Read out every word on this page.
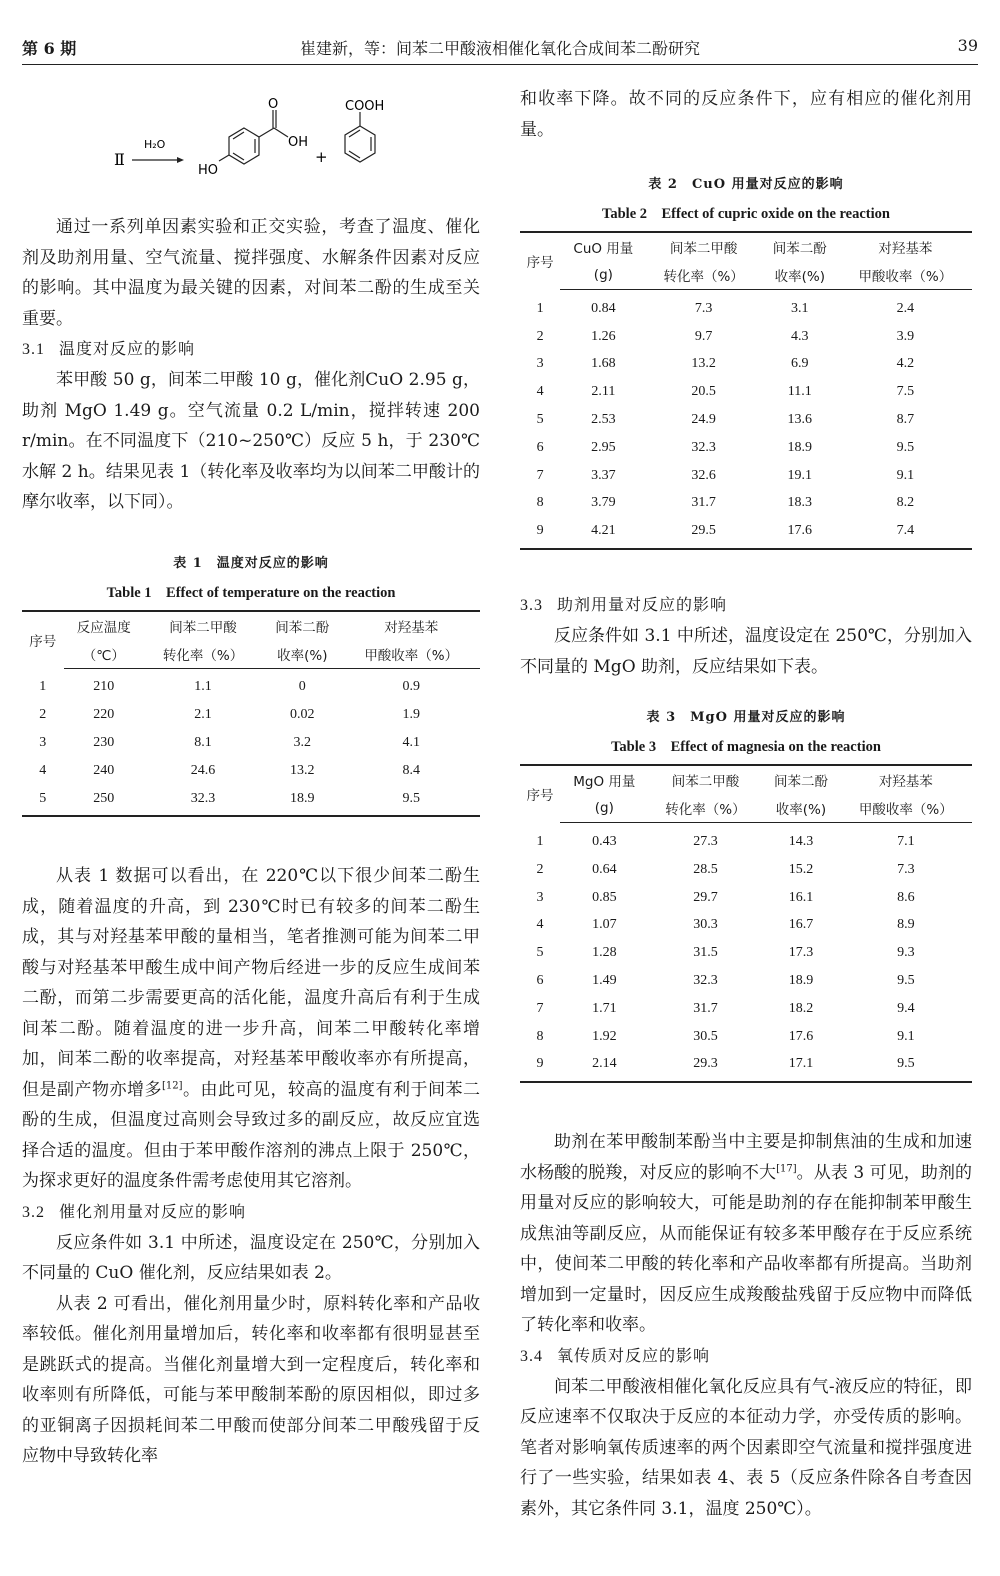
第 6 期	崔建新，等：间苯二甲酸液相催化氧化合成间苯二酚研究	39
Ⅱ
H₂O
O
OH
HO
+
COOH

通过一系列单因素实验和正交实验，考查了温度、催化剂及助剂用量、空气流量、搅拌强度、水解条件因素对反应的影响。其中温度为最关键的因素，对间苯二酚的生成至关重要。

3.1 温度对反应的影响

苯甲酸 50 g，间苯二甲酸 10 g，催化剂CuO 2.95 g，助剂 MgO 1.49 g。空气流量 0.2 L/min，搅拌转速 200 r/min。在不同温度下（210~250℃）反应 5 h，于 230℃水解 2 h。结果见表 1（转化率及收率均为以间苯二甲酸计的摩尔收率，以下同）。

表 1　温度对反应的影响
Table 1　Effect of temperature on the reaction
序号	反应温度	间苯二甲酸	间苯二酚	对羟基苯
	（℃）	转化率（%）	收率(%)	甲酸收率（%）
1	210	1.1	0	0.9
2	220	2.1	0.02	1.9
3	230	8.1	3.2	4.1
4	240	24.6	13.2	8.4
5	250	32.3	18.9	9.5

从表 1 数据可以看出，在 220℃以下很少间苯二酚生成，随着温度的升高，到 230℃时已有较多的间苯二酚生成，其与对羟基苯甲酸的量相当，笔者推测可能为间苯二甲酸与对羟基苯甲酸生成中间产物后经进一步的反应生成间苯二酚，而第二步需要更高的活化能，温度升高后有利于生成间苯二酚。随着温度的进一步升高，间苯二甲酸转化率增加，间苯二酚的收率提高，对羟基苯甲酸收率亦有所提高，但是副产物亦增多[12]。由此可见，较高的温度有利于间苯二酚的生成，但温度过高则会导致过多的副反应，故反应宜选择合适的温度。但由于苯甲酸作溶剂的沸点上限于 250℃，为探求更好的温度条件需考虑使用其它溶剂。

3.2 催化剂用量对反应的影响

反应条件如 3.1 中所述，温度设定在 250℃，分别加入不同量的 CuO 催化剂，反应结果如表 2。

从表 2 可看出，催化剂用量少时，原料转化率和产品收率较低。催化剂用量增加后，转化率和收率都有很明显甚至是跳跃式的提高。当催化剂量增大到一定程度后，转化率和收率则有所降低，可能与苯甲酸制苯酚的原因相似，即过多的亚铜离子因损耗间苯二甲酸而使部分间苯二甲酸残留于反应物中导致转化率

和收率下降。故不同的反应条件下，应有相应的催化剂用量。

表 2　CuO 用量对反应的影响
Table 2　Effect of cupric oxide on the reaction
序号	CuO 用量	间苯二甲酸	间苯二酚	对羟基苯
	(g)	转化率（%）	收率(%)	甲酸收率（%）
1	0.84	7.3	3.1	2.4
2	1.26	9.7	4.3	3.9
3	1.68	13.2	6.9	4.2
4	2.11	20.5	11.1	7.5
5	2.53	24.9	13.6	8.7
6	2.95	32.3	18.9	9.5
7	3.37	32.6	19.1	9.1
8	3.79	31.7	18.3	8.2
9	4.21	29.5	17.6	7.4
3.3 助剂用量对反应的影响

反应条件如 3.1 中所述，温度设定在 250℃，分别加入不同量的 MgO 助剂，反应结果如下表。

表 3　MgO 用量对反应的影响
Table 3　Effect of magnesia on the reaction
序号	MgO 用量	间苯二甲酸	间苯二酚	对羟基苯
	(g)	转化率（%）	收率(%)	甲酸收率（%）
1	0.43	27.3	14.3	7.1
2	0.64	28.5	15.2	7.3
3	0.85	29.7	16.1	8.6
4	1.07	30.3	16.7	8.9
5	1.28	31.5	17.3	9.3
6	1.49	32.3	18.9	9.5
7	1.71	31.7	18.2	9.4
8	1.92	30.5	17.6	9.1
9	2.14	29.3	17.1	9.5

助剂在苯甲酸制苯酚当中主要是抑制焦油的生成和加速水杨酸的脱羧，对反应的影响不大[17]。从表 3 可见，助剂的用量对反应的影响较大，可能是助剂的存在能抑制苯甲酸生成焦油等副反应，从而能保证有较多苯甲酸存在于反应系统中，使间苯二甲酸的转化率和产品收率都有所提高。当助剂增加到一定量时，因反应生成羧酸盐残留于反应物中而降低了转化率和收率。

3.4 氧传质对反应的影响

间苯二甲酸液相催化氧化反应具有气-液反应的特征，即反应速率不仅取决于反应的本征动力学，亦受传质的影响。笔者对影响氧传质速率的两个因素即空气流量和搅拌强度进行了一些实验，结果如表 4、表 5（反应条件除各自考查因素外，其它条件同 3.1，温度 250℃）。
